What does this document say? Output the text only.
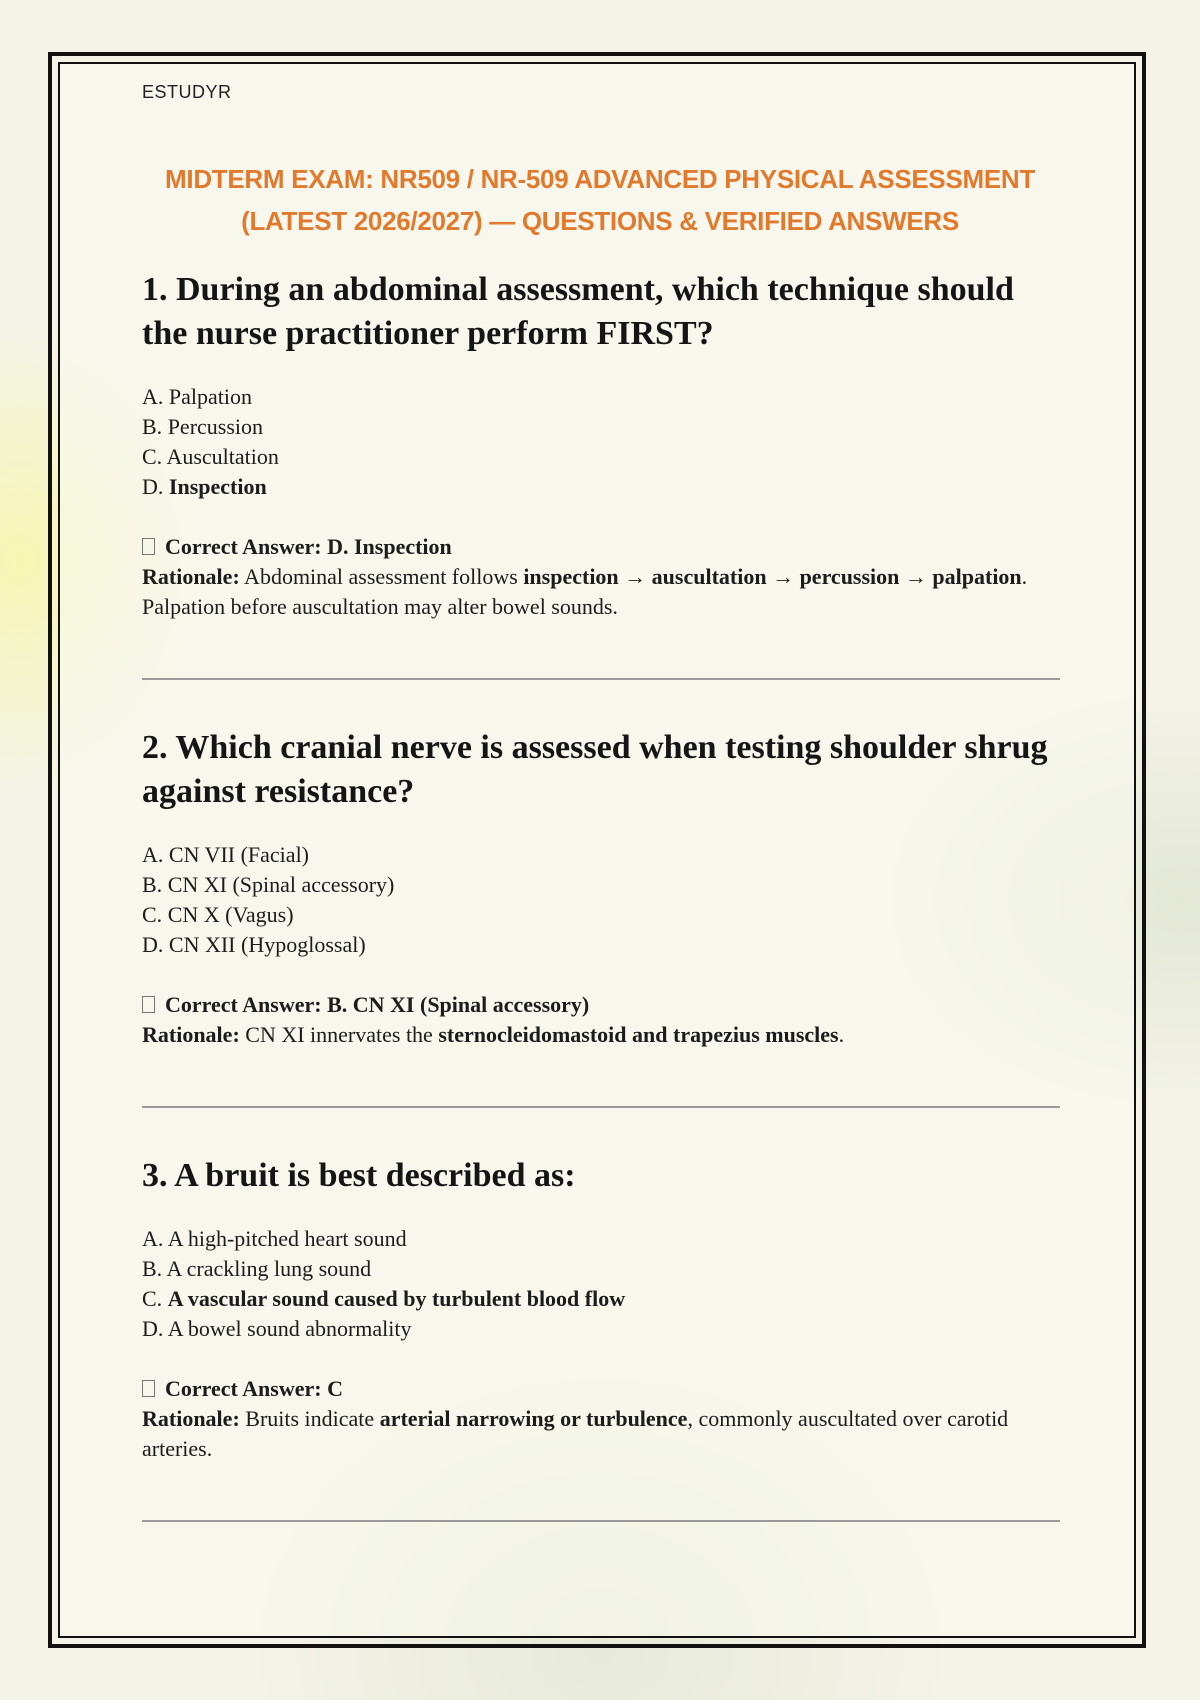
ESTUDYR
MIDTERM EXAM: NR509 / NR-509 ADVANCED PHYSICAL ASSESSMENT
(LATEST 2026/2027) — QUESTIONS & VERIFIED ANSWERS
1. During an abdominal assessment, which technique should the nurse practitioner perform FIRST?
A. Palpation
B. Percussion
C. Auscultation
D. Inspection
Correct Answer: D. Inspection
Rationale: Abdominal assessment follows inspection → auscultation → percussion → palpation. Palpation before auscultation may alter bowel sounds.
2. Which cranial nerve is assessed when testing shoulder shrug against resistance?
A. CN VII (Facial)
B. CN XI (Spinal accessory)
C. CN X (Vagus)
D. CN XII (Hypoglossal)
Correct Answer: B. CN XI (Spinal accessory)
Rationale: CN XI innervates the sternocleidomastoid and trapezius muscles.
3. A bruit is best described as:
A. A high-pitched heart sound
B. A crackling lung sound
C. A vascular sound caused by turbulent blood flow
D. A bowel sound abnormality
Correct Answer: C
Rationale: Bruits indicate arterial narrowing or turbulence, commonly auscultated over carotid arteries.
